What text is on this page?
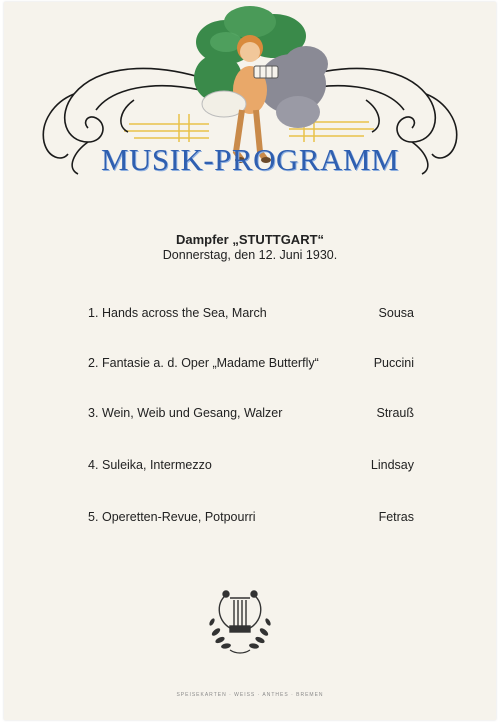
MUSIK-PROGRAMM
Dampfer „STUTTGART“
Donnerstag, den 12. Juni 1930.
1. Hands across the Sea, March	Sousa
2. Fantasie a. d. Oper „Madame Butterfly“	Puccini
3. Wein, Weib und Gesang, Walzer	Strauß
4. Suleika, Intermezzo	Lindsay
5. Operetten-Revue, Potpourri	Fetras
SPEISEKARTEN · WEISS · ANTHES · BREMEN
